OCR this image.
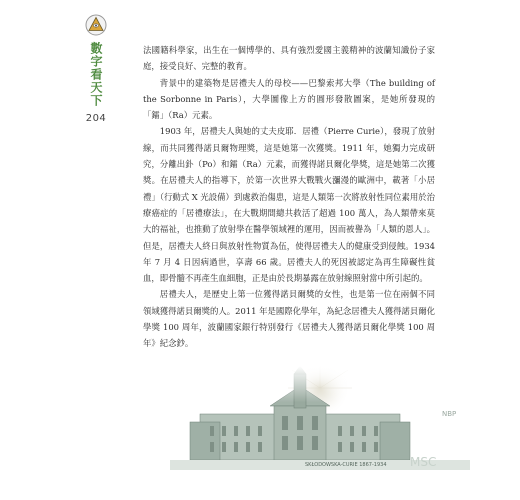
數字看天下
204

法國籍科學家，出生在一個博學的、具有強烈愛國主義精神的波蘭知識份子家庭，接受良好、完整的教育。

背景中的建築物是居禮夫人的母校——巴黎索邦大學（The building of the Sorbonne in Paris），大學圖像上方的圓形發散圖案，是她所發現的「鐳」（Ra）元素。

1903 年，居禮夫人與她的丈夫皮耶．居禮（Pierre Curie），發現了放射線，而共同獲得諾貝爾物理獎，這是她第一次獲獎。1911 年，她獨力完成研究，分離出釙（Po）和鐳（Ra）元素，而獲得諾貝爾化學獎，這是她第二次獲獎。在居禮夫人的指導下，於第一次世界大戰戰火瀰漫的歐洲中，載著「小居禮」（行動式 X 光設備）到處救治傷患，這是人類第一次將放射性同位素用於治療癌症的「居禮療法」，在大戰期間總共救活了超過 100 萬人，為人類帶來莫大的福祉，也推動了放射學在醫學領域裡的運用，因而被譽為「人類的恩人」。但是，居禮夫人終日與放射性物質為伍，使得居禮夫人的健康受到侵蝕。1934 年 7 月 4 日因病過世，享壽 66 歲。居禮夫人的死因被認定為再生障礙性貧血，即骨髓不再產生血細胞，正是由於長期暴露在放射線照射當中所引起的。

居禮夫人，是歷史上第一位獲得諾貝爾獎的女性，也是第一位在兩個不同領域獲得諾貝爾獎的人。2011 年是國際化學年，為紀念居禮夫人獲得諾貝爾化學獎 100 周年，波蘭國家銀行特別發行《居禮夫人獲得諾貝爾化學獎 100 周年》紀念鈔。
